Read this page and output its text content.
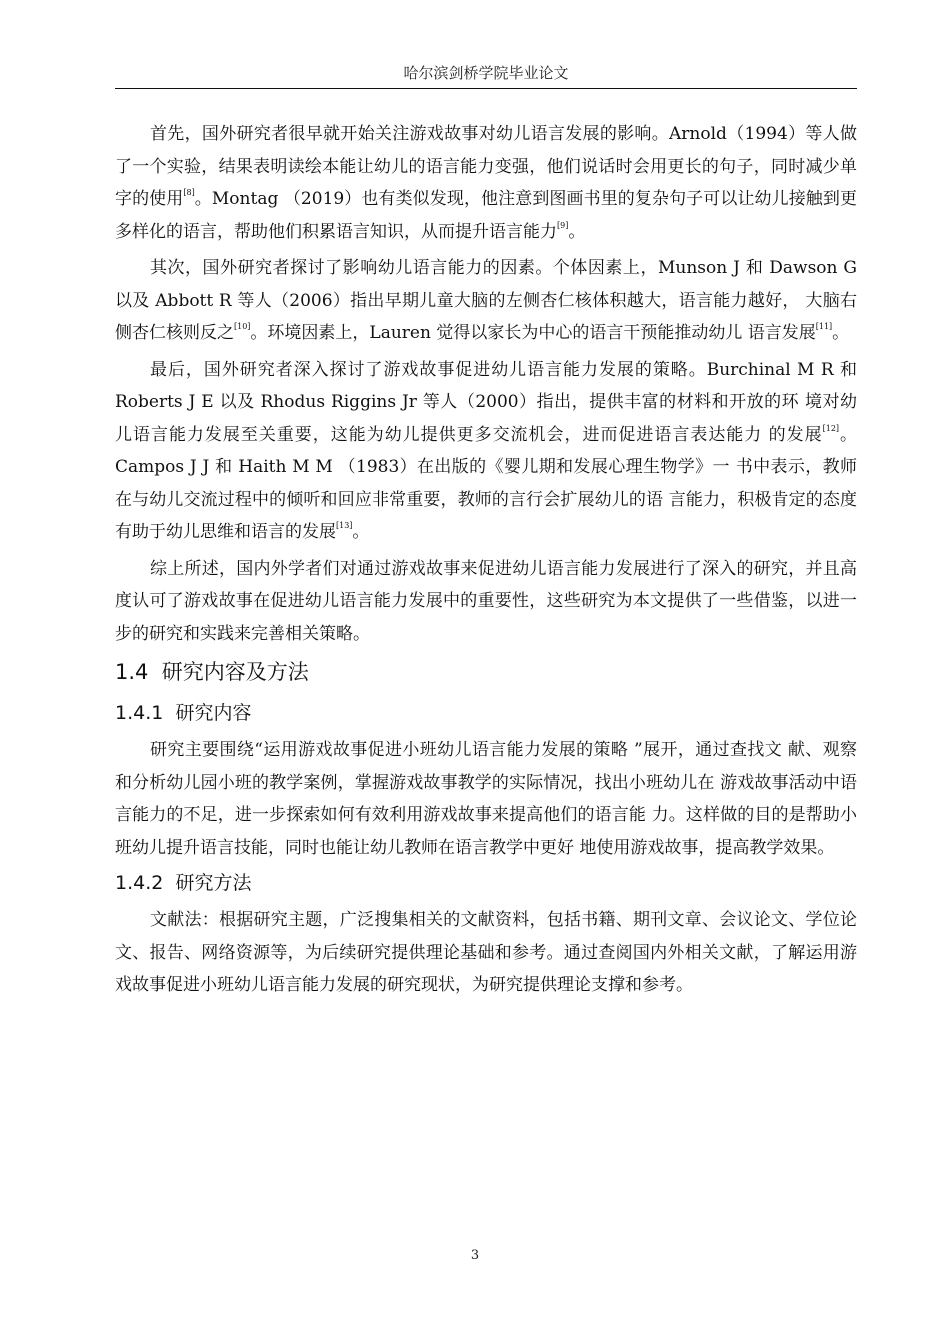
哈尔滨剑桥学院毕业论文

首先，国外研究者很早就开始关注游戏故事对幼儿语言发展的影响。Arnold（1994）等人做了一个实验，结果表明读绘本能让幼儿的语言能力变强，他们说话时会用更长的句子，同时减少单字的使用[8]。Montag （2019）也有类似发现，他注意到图画书里的复杂句子可以让幼儿接触到更多样化的语言，帮助他们积累语言知识，从而提升语言能力[9]。

其次，国外研究者探讨了影响幼儿语言能力的因素。个体因素上，Munson J 和 Dawson G 以及 Abbott R 等人（2006）指出早期儿童大脑的左侧杏仁核体积越大，语言能力越好， 大脑右侧杏仁核则反之[10]。环境因素上，Lauren 觉得以家长为中心的语言干预能推动幼儿 语言发展[11]。

最后，国外研究者深入探讨了游戏故事促进幼儿语言能力发展的策略。Burchinal M R 和 Roberts J E 以及 Rhodus Riggins Jr 等人（2000）指出，提供丰富的材料和开放的环 境对幼儿语言能力发展至关重要，这能为幼儿提供更多交流机会，进而促进语言表达能力 的发展[12]。Campos J J 和 Haith M M （1983）在出版的《婴儿期和发展心理生物学》一 书中表示，教师在与幼儿交流过程中的倾听和回应非常重要，教师的言行会扩展幼儿的语 言能力，积极肯定的态度有助于幼儿思维和语言的发展[13]。

综上所述，国内外学者们对通过游戏故事来促进幼儿语言能力发展进行了深入的研究，并且高度认可了游戏故事在促进幼儿语言能力发展中的重要性，这些研究为本文提供了一些借鉴，以进一步的研究和实践来完善相关策略。

1.4 研究内容及方法
1.4.1 研究内容

研究主要围绕“运用游戏故事促进小班幼儿语言能力发展的策略 ”展开，通过查找文 献、观察和分析幼儿园小班的教学案例，掌握游戏故事教学的实际情况，找出小班幼儿在 游戏故事活动中语言能力的不足，进一步探索如何有效利用游戏故事来提高他们的语言能 力。这样做的目的是帮助小班幼儿提升语言技能，同时也能让幼儿教师在语言教学中更好 地使用游戏故事，提高教学效果。

1.4.2 研究方法

文献法：根据研究主题，广泛搜集相关的文献资料，包括书籍、期刊文章、会议论文、学位论文、报告、网络资源等，为后续研究提供理论基础和参考。通过查阅国内外相关文献，了解运用游戏故事促进小班幼儿语言能力发展的研究现状，为研究提供理论支撑和参考。

3
